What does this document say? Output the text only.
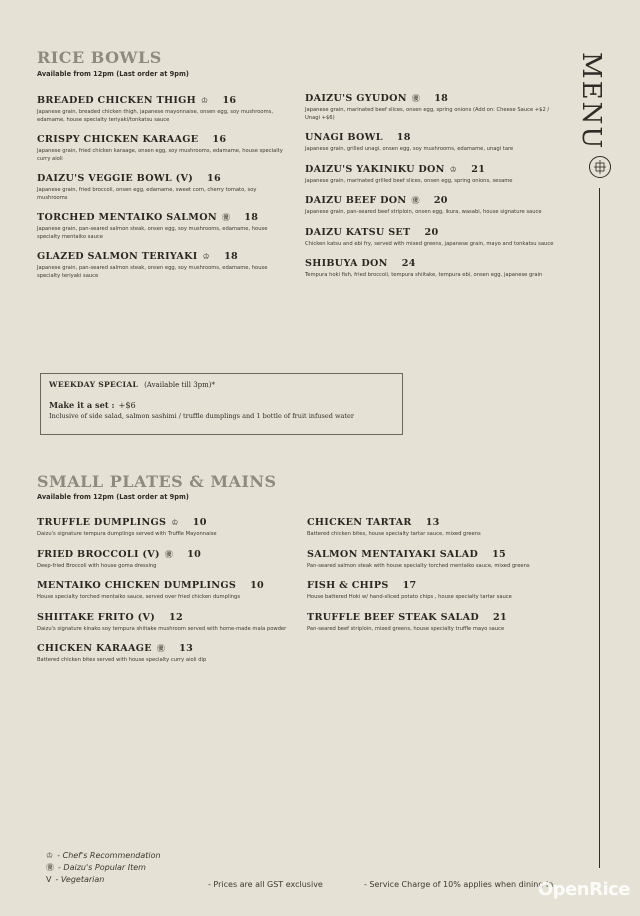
RICE BOWLS
Available from 12pm (Last order at 9pm)
BREADED CHICKEN THIGH ♔ 16
Japanese grain, breaded chicken thigh, japanese mayonnaise, onsen egg, soy mushrooms, edamame, house specialty teriyaki/tonkatsu sauce
CRISPY CHICKEN KARAAGE 16
Japanese grain, fried chicken karaage, onsen egg, soy mushrooms, edamame, house specialty curry aioli
DAIZU'S VEGGIE BOWL (V) 16
Japanese grain, fried broccoli, onsen egg, edamame, sweet corn, cherry tomato, soy mushrooms
TORCHED MENTAIKO SALMON ㊝ 18
Japanese grain, pan-seared salmon steak, onsen egg, soy mushrooms, edamame, house specialty mentaiko sauce
GLAZED SALMON TERIYAKI ♔ 18
Japanese grain, pan-seared salmon steak, onsen egg, soy mushrooms, edamame, house specialty teriyaki sauce
DAIZU'S GYUDON ㊝ 18
Japanese grain, marinated beef slices, onsen egg, spring onions (Add on: Cheese Sauce +$2 / Unagi +$6)
UNAGI BOWL 18
Japanese grain, grilled unagi, onsen egg, soy mushrooms, edamame, unagi tare
DAIZU'S YAKINIKU DON ♔ 21
Japanese grain, marinated grilled beef slices, onsen egg, spring onions, sesame
DAIZU BEEF DON ㊝ 20
Japanese grain, pan-seared beef striploin, onsen egg, ikura, wasabi, house signature sauce
DAIZU KATSU SET 20
Chicken katsu and ebi fry, served with mixed greens, japanese grain, mayo and tonkatsu sauce
SHIBUYA DON 24
Tempura hoki fish, fried broccoli, tempura shiitake, tempura ebi, onsen egg, japanese grain
WEEKDAY SPECIAL (Available till 3pm)*
Make it a set : +$6
Inclusive of side salad, salmon sashimi / truffle dumplings and 1 bottle of fruit infused water
SMALL PLATES & MAINS
Available from 12pm (Last order at 9pm)
TRUFFLE DUMPLINGS ♔ 10
Daizu's signature tempura dumplings served with Truffle Mayonnaise
FRIED BROCCOLI (V) ㊝ 10
Deep-fried Broccoli with house goma dressing
MENTAIKO CHICKEN DUMPLINGS 10
House specialty torched mentaiko sauce, served over fried chicken dumplings
SHIITAKE FRITO (V) 12
Daizu's signature kinako soy tempura shiitake mushroom served with home-made mala powder
CHICKEN KARAAGE ㊝ 13
Battered chicken bites served with house specialty curry aioli dip
CHICKEN TARTAR 13
Battered chicken bites, house specialty tartar sauce, mixed greens
SALMON MENTAIYAKI SALAD 15
Pan-seared salmon steak with house specialty torched mentaiko sauce, mixed greens
FISH & CHIPS 17
House battered Hoki w/ hand-sliced potato chips , house specialty tartar sauce
TRUFFLE BEEF STEAK SALAD 21
Pan-seared beef striploin, mixed greens, house specialty truffle mayo sauce
MENU
♔ - Chef's Recommendation
㊝ - Daizu's Popular Item
V - Vegetarian
- Prices are all GST exclusive	- Service Charge of 10% applies when dining in
OpenRice
